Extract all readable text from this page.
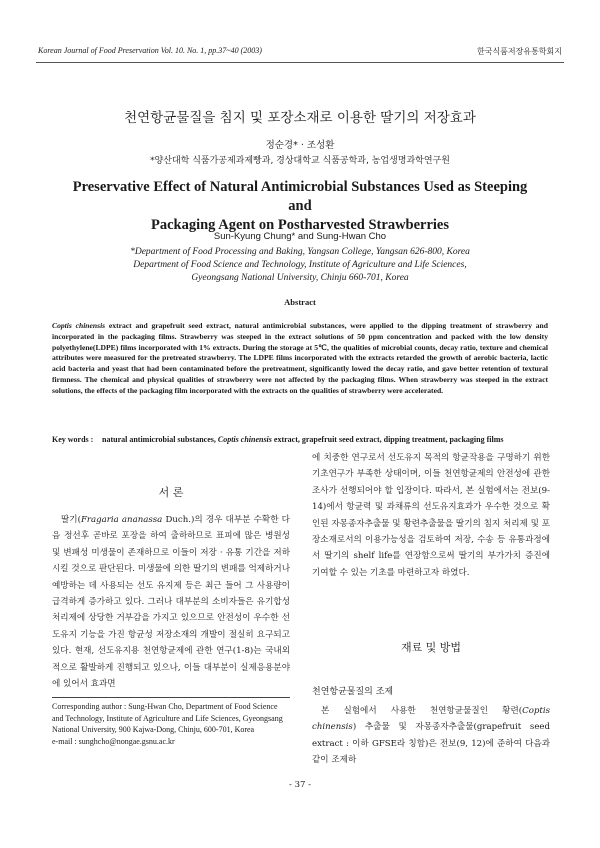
Korean Journal of Food Preservation Vol. 10. No. 1, pp.37~40 (2003)	한국식품저장유통학회지
천연항균물질을 침지 및 포장소재로 이용한 딸기의 저장효과
정순경* · 조성환
*양산대학 식품가공제과제빵과, 경상대학교 식품공학과, 농업생명과학연구원
Preservative Effect of Natural Antimicrobial Substances Used as Steeping and
Packaging Agent on Postharvested Strawberries
Sun-Kyung Chung* and Sung-Hwan Cho
*Department of Food Processing and Baking, Yangsan College, Yangsan 626-800, Korea
Department of Food Science and Technology, Institute of Agriculture and Life Sciences,
Gyeongsang National University, Chinju 660-701, Korea
Abstract
Coptis chinensis extract and grapefruit seed extract, natural antimicrobial substances, were applied to the dipping treatment of strawberry and incorporated in the packaging films. Strawberry was steeped in the extract solutions of 50 ppm concentration and packed with the low density polyethylene(LDPE) films incorporated with 1% extracts. During the storage at 5℃, the qualities of microbial counts, decay ratio, texture and chemical attributes were measured for the pretreated strawberry. The LDPE films incorporated with the extracts retarded the growth of aerobic bacteria, lactic acid bacteria and yeast that had been contaminated before the pretreatment, significantly lowed the decay ratio, and gave better retention of textural firmness. The chemical and physical qualities of strawberry were not affected by the packaging films. When strawberry was steeped in the extract solutions, the effects of the packaging film incorporated with the extracts on the qualities of strawberry were accelerated.
Key words : natural antimicrobial substances, Coptis chinensis extract, grapefruit seed extract, dipping treatment, packaging films
서 론

딸기(Fragaria ananassa Duch.)의 경우 대부분 수확한 다음 정선후 곧바로 포장을 하여 출하하므로 표피에 많은 병원성 및 변패성 미생물이 존재하므로 이들이 저장 · 유통 기간을 저하시킬 것으로 판단된다. 미생물에 의한 딸기의 변패를 억제하거나 예방하는 데 사용되는 선도 유지제 등은 최근 들어 그 사용량이 급격하게 증가하고 있다. 그러나 대부분의 소비자들은 유기합성 처리제에 상당한 거부감을 가지고 있으므로 안전성이 우수한 선도유지 기능을 가진 항균성 저장소재의 개발이 절실히 요구되고 있다. 현재, 선도유지용 천연항균제에 관한 연구(1-8)는 국내외적으로 활발하게 진행되고 있으나, 이들 대부분이 실제응용분야에 있어서 효과면

에 치중한 연구로서 선도유지 목적의 항균작용을 구명하기 위한 기초연구가 부족한 상태이며, 이들 천연항균제의 안전성에 관한 조사가 선행되어야 할 입장이다. 따라서, 본 실험에서는 전보(9-14)에서 항균력 및 과채류의 선도유지효과가 우수한 것으로 확인된 자몽종자추출물 및 황련추출물을 딸기의 침지 처리제 및 포장소재로서의 이용가능성을 검토하여 저장, 수송 등 유통과정에서 딸기의 shelf life를 연장함으로써 딸기의 부가가치 증진에 기여할 수 있는 기초를 마련하고자 하였다.

재료 및 방법
천연항균물질의 조제

본 실험에서 사용한 천연항균물질인 황련(Coptis chinensis) 추출물 및 자몽종자추출물(grapefruit seed extract : 이하 GFSE라 칭함)은 전보(9, 12)에 준하여 다음과 같이 조제하

Corresponding author : Sung-Hwan Cho, Department of Food Science and Technology, Institute of Agriculture and Life Sciences, Gyeongsang National University, 900 Kajwa-Dong, Chinju, 600-701, Korea
e-mail : sunghcho@nongae.gsnu.ac.kr
- 37 -
